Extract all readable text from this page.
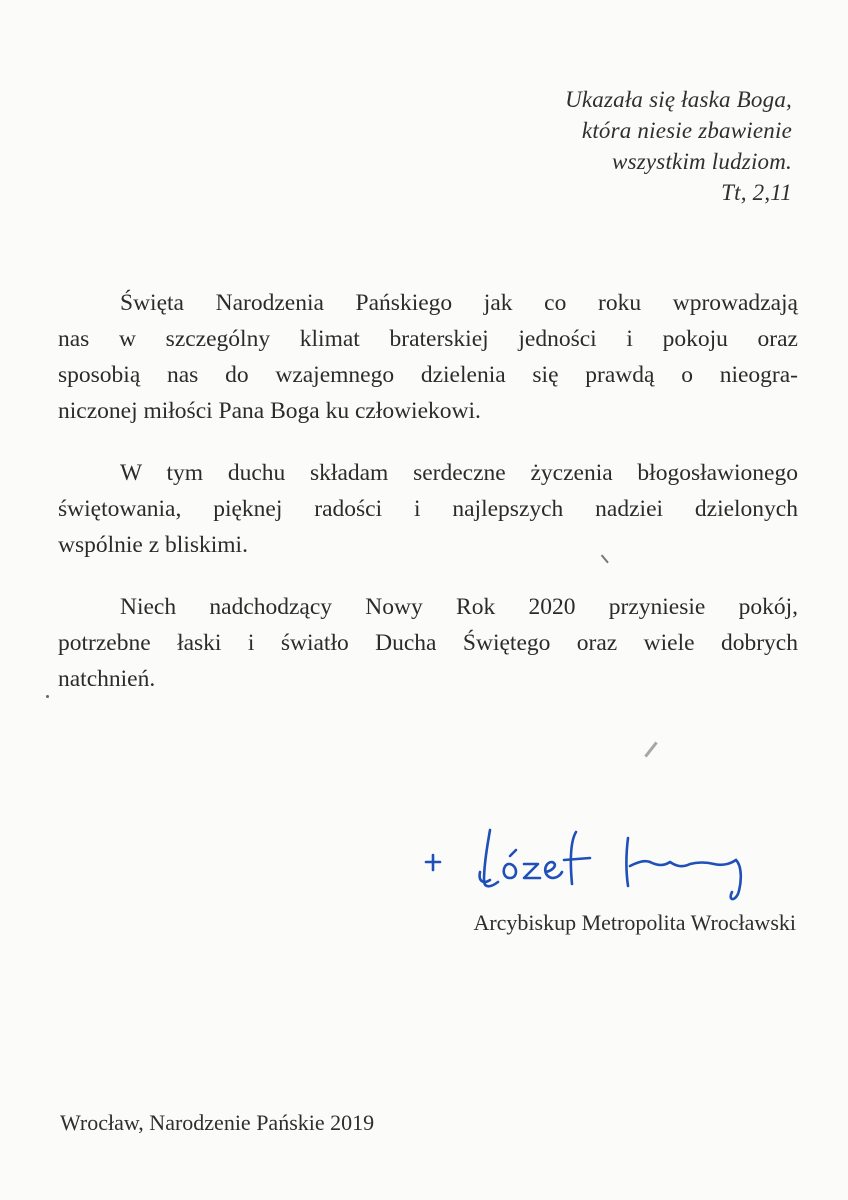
Ukazała się łaska Boga,
która niesie zbawienie
wszystkim ludziom.
Tt, 2,11
Święta Narodzenia Pańskiego jak co roku wprowadzają
nas w szczególny klimat braterskiej jedności i pokoju oraz
sposobią nas do wzajemnego dzielenia się prawdą o nieogra-
niczonej miłości Pana Boga ku człowiekowi.
W tym duchu składam serdeczne życzenia błogosławionego
świętowania, pięknej radości i najlepszych nadziei dzielonych
wspólnie z bliskimi.
Niech nadchodzący Nowy Rok 2020 przyniesie pokój,
potrzebne łaski i światło Ducha Świętego oraz wiele dobrych
natchnień.
Arcybiskup Metropolita Wrocławski
Wrocław, Narodzenie Pańskie 2019
